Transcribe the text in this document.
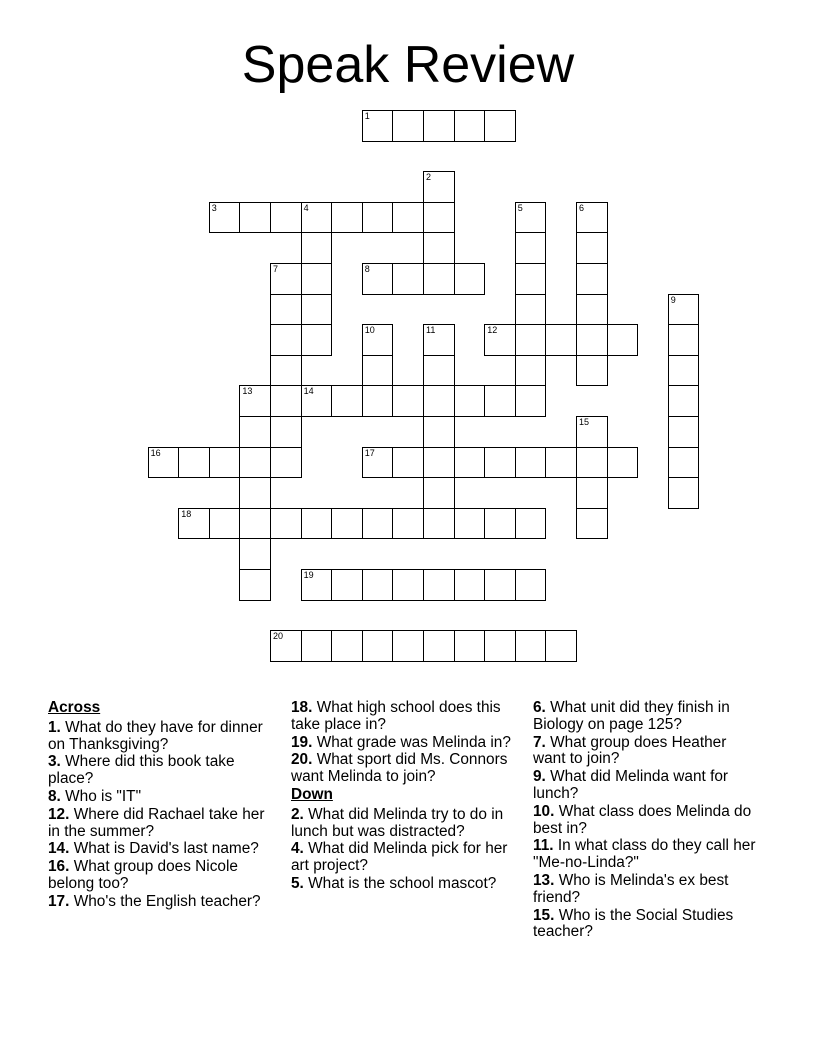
Speak Review
1
2
3	4	5	6
7	8
9
10	11	12
13	14
15
16	17
18
19
20
Across
1. What do they have for dinner on Thanksgiving?
3. Where did this book take place?
8. Who is "IT"
12. Where did Rachael take her in the summer?
14. What is David's last name?
16. What group does Nicole belong too?
17. Who's the English teacher?
18. What high school does this take place in?
19. What grade was Melinda in?
20. What sport did Ms. Connors want Melinda to join?
Down
2. What did Melinda try to do in lunch but was distracted?
4. What did Melinda pick for her art project?
5. What is the school mascot?
6. What unit did they finish in Biology on page 125?
7. What group does Heather want to join?
9. What did Melinda want for lunch?
10. What class does Melinda do best in?
11. In what class do they call her "Me-no-Linda?"
13. Who is Melinda's ex best friend?
15. Who is the Social Studies teacher?
